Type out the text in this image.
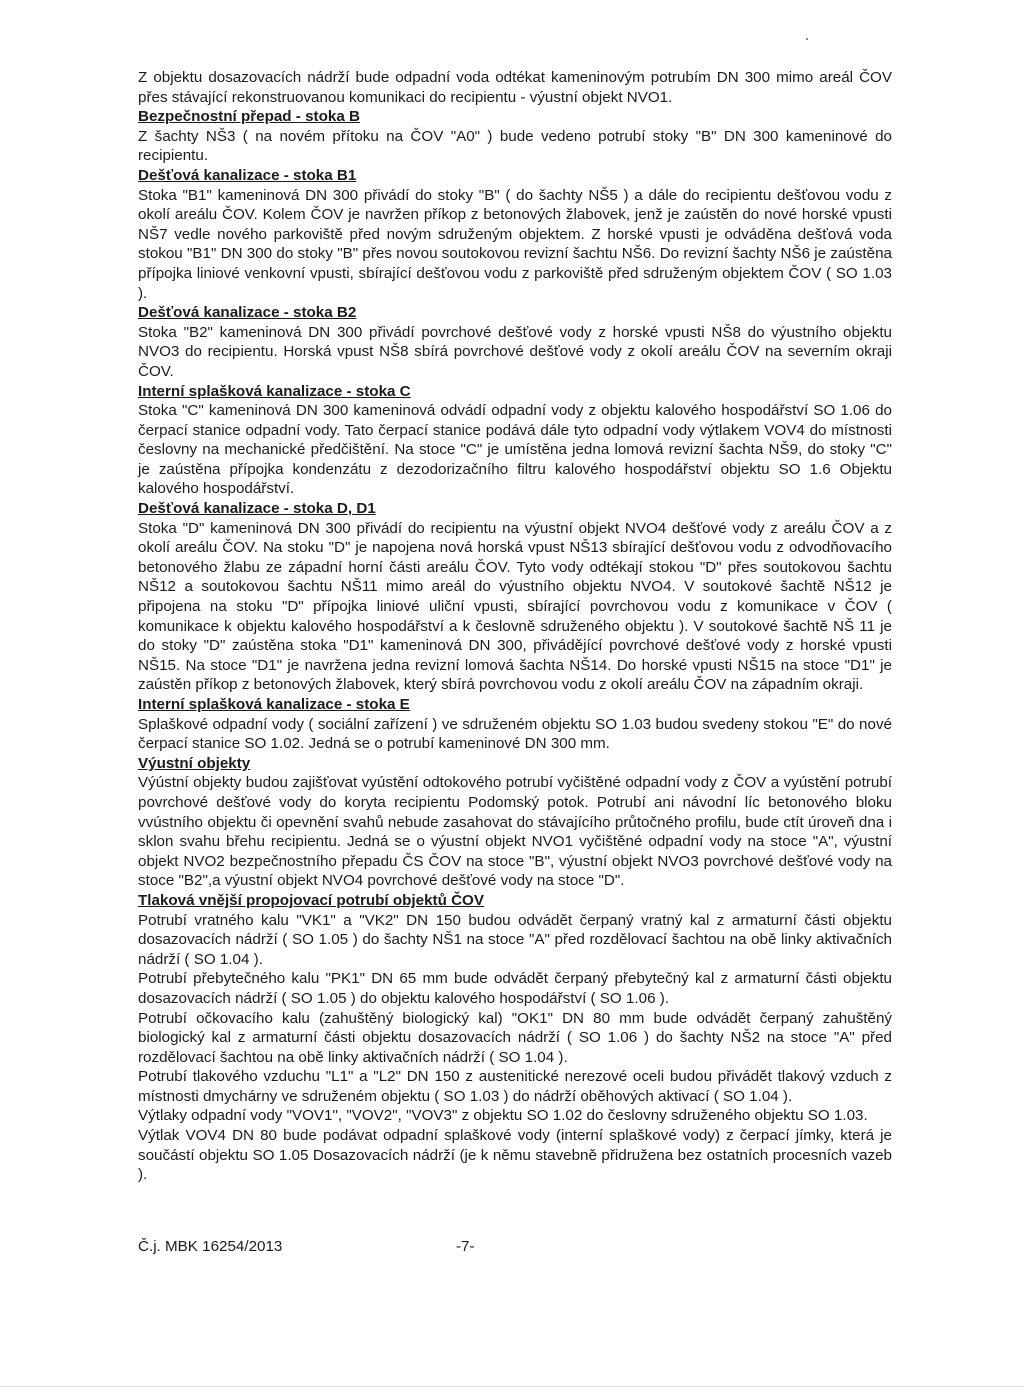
Z objektu dosazovacích nádrží bude odpadní voda odtékat kameninovým potrubím DN 300 mimo areál ČOV přes stávající rekonstruovanou komunikaci do recipientu - výustní objekt NVO1.

Bezpečnostní přepad - stoka B

Z šachty NŠ3 ( na novém přítoku na ČOV "A0" ) bude vedeno potrubí stoky "B" DN 300 kameninové do recipientu.

Dešťová kanalizace - stoka B1

Stoka "B1" kameninová DN 300 přivádí do stoky "B" ( do šachty NŠ5 ) a dále do recipientu dešťovou vodu z okolí areálu ČOV. Kolem ČOV je navržen příkop z betonových žlabovek, jenž je zaústěn do nové horské vpusti NŠ7 vedle nového parkoviště před novým sdruženým objektem. Z horské vpusti je odváděna dešťová voda stokou "B1" DN 300 do stoky "B" přes novou soutokovou revizní šachtu NŠ6. Do revizní šachty NŠ6 je zaústěna přípojka liniové venkovní vpusti, sbírající dešťovou vodu z parkoviště před sdruženým objektem ČOV ( SO 1.03 ).

Dešťová kanalizace - stoka B2

Stoka "B2" kameninová DN 300 přivádí povrchové dešťové vody z horské vpusti NŠ8 do výustního objektu NVO3 do recipientu. Horská vpust NŠ8 sbírá povrchové dešťové vody z okolí areálu ČOV na severním okraji ČOV.

Interní splašková kanalizace - stoka C

Stoka "C" kameninová DN 300 kameninová odvádí odpadní vody z objektu kalového hospodářství SO 1.06 do čerpací stanice odpadní vody. Tato čerpací stanice podává dále tyto odpadní vody výtlakem VOV4 do místnosti česlovny na mechanické předčištění. Na stoce "C" je umístěna jedna lomová revizní šachta NŠ9, do stoky "C" je zaústěna přípojka kondenzátu z dezodorizačního filtru kalového hospodářství objektu SO 1.6 Objektu kalového hospodářství.

Dešťová kanalizace - stoka D, D1

Stoka "D" kameninová DN 300 přivádí do recipientu na výustní objekt NVO4 dešťové vody z areálu ČOV a z okolí areálu ČOV. Na stoku "D" je napojena nová horská vpust NŠ13 sbírající dešťovou vodu z odvodňovacího betonového žlabu ze západní horní části areálu ČOV. Tyto vody odtékají stokou "D" přes soutokovou šachtu NŠ12 a soutokovou šachtu NŠ11 mimo areál do výustního objektu NVO4. V soutokové šachtě NŠ12 je připojena na stoku "D" přípojka liniové uliční vpusti, sbírající povrchovou vodu z komunikace v ČOV ( komunikace k objektu kalového hospodářství a k česlovně sdruženého objektu ). V soutokové šachtě NŠ 11 je do stoky "D" zaústěna stoka "D1" kameninová DN 300, přivádějící povrchové dešťové vody z horské vpusti NŠ15. Na stoce "D1" je navržena jedna revizní lomová šachta NŠ14. Do horské vpusti NŠ15 na stoce "D1" je zaústěn příkop z betonových žlabovek, který sbírá povrchovou vodu z okolí areálu ČOV na západním okraji.

Interní splašková kanalizace - stoka E

Splaškové odpadní vody ( sociální zařízení ) ve sdruženém objektu SO 1.03 budou svedeny stokou "E" do nové čerpací stanice SO 1.02. Jedná se o potrubí kameninové DN 300 mm.

Výustní objekty

Výústní objekty budou zajišťovat vyústění odtokového potrubí vyčištěné odpadní vody z ČOV a vyústění potrubí povrchové dešťové vody do koryta recipientu Podomský potok. Potrubí ani návodní líc betonového bloku vvústního objektu či opevnění svahů nebude zasahovat do stávajícího průtočného profilu, bude ctít úroveň dna i sklon svahu břehu recipientu. Jedná se o výustní objekt NVO1 vyčištěné odpadní vody na stoce "A", výustní objekt NVO2 bezpečnostního přepadu ČS ČOV na stoce "B", výustní objekt NVO3 povrchové dešťové vody na stoce "B2",a výustní objekt NVO4 povrchové dešťové vody na stoce "D".

Tlaková vnější propojovací potrubí objektů ČOV

Potrubí vratného kalu "VK1" a "VK2" DN 150 budou odvádět čerpaný vratný kal z armaturní části objektu dosazovacích nádrží ( SO 1.05 ) do šachty NŠ1 na stoce "A" před rozdělovací šachtou na obě linky aktivačních nádrží ( SO 1.04 ).

Potrubí přebytečného kalu "PK1" DN 65 mm bude odvádět čerpaný přebytečný kal z armaturní části objektu dosazovacích nádrží ( SO 1.05 ) do objektu kalového hospodářství ( SO 1.06 ).

Potrubí očkovacího kalu (zahuštěný biologický kal) "OK1" DN 80 mm bude odvádět čerpaný zahuštěný biologický kal z armaturní části objektu dosazovacích nádrží ( SO 1.06 ) do šachty NŠ2 na stoce "A" před rozdělovací šachtou na obě linky aktivačních nádrží ( SO 1.04 ).

Potrubí tlakového vzduchu "L1" a "L2" DN 150 z austenitické nerezové oceli budou přivádět tlakový vzduch z místnosti dmychárny ve sdruženém objektu ( SO 1.03 ) do nádrží oběhových aktivací ( SO 1.04 ).

Výtlaky odpadní vody "VOV1", "VOV2", "VOV3" z objektu SO 1.02 do česlovny sdruženého objektu SO 1.03.

Výtlak VOV4 DN 80 bude podávat odpadní splaškové vody (interní splaškové vody) z čerpací jímky, která je součástí objektu SO 1.05 Dosazovacích nádrží (je k němu stavebně přidružena bez ostatních procesních vazeb ).

Č.j. MBK 16254/2013	-7-
